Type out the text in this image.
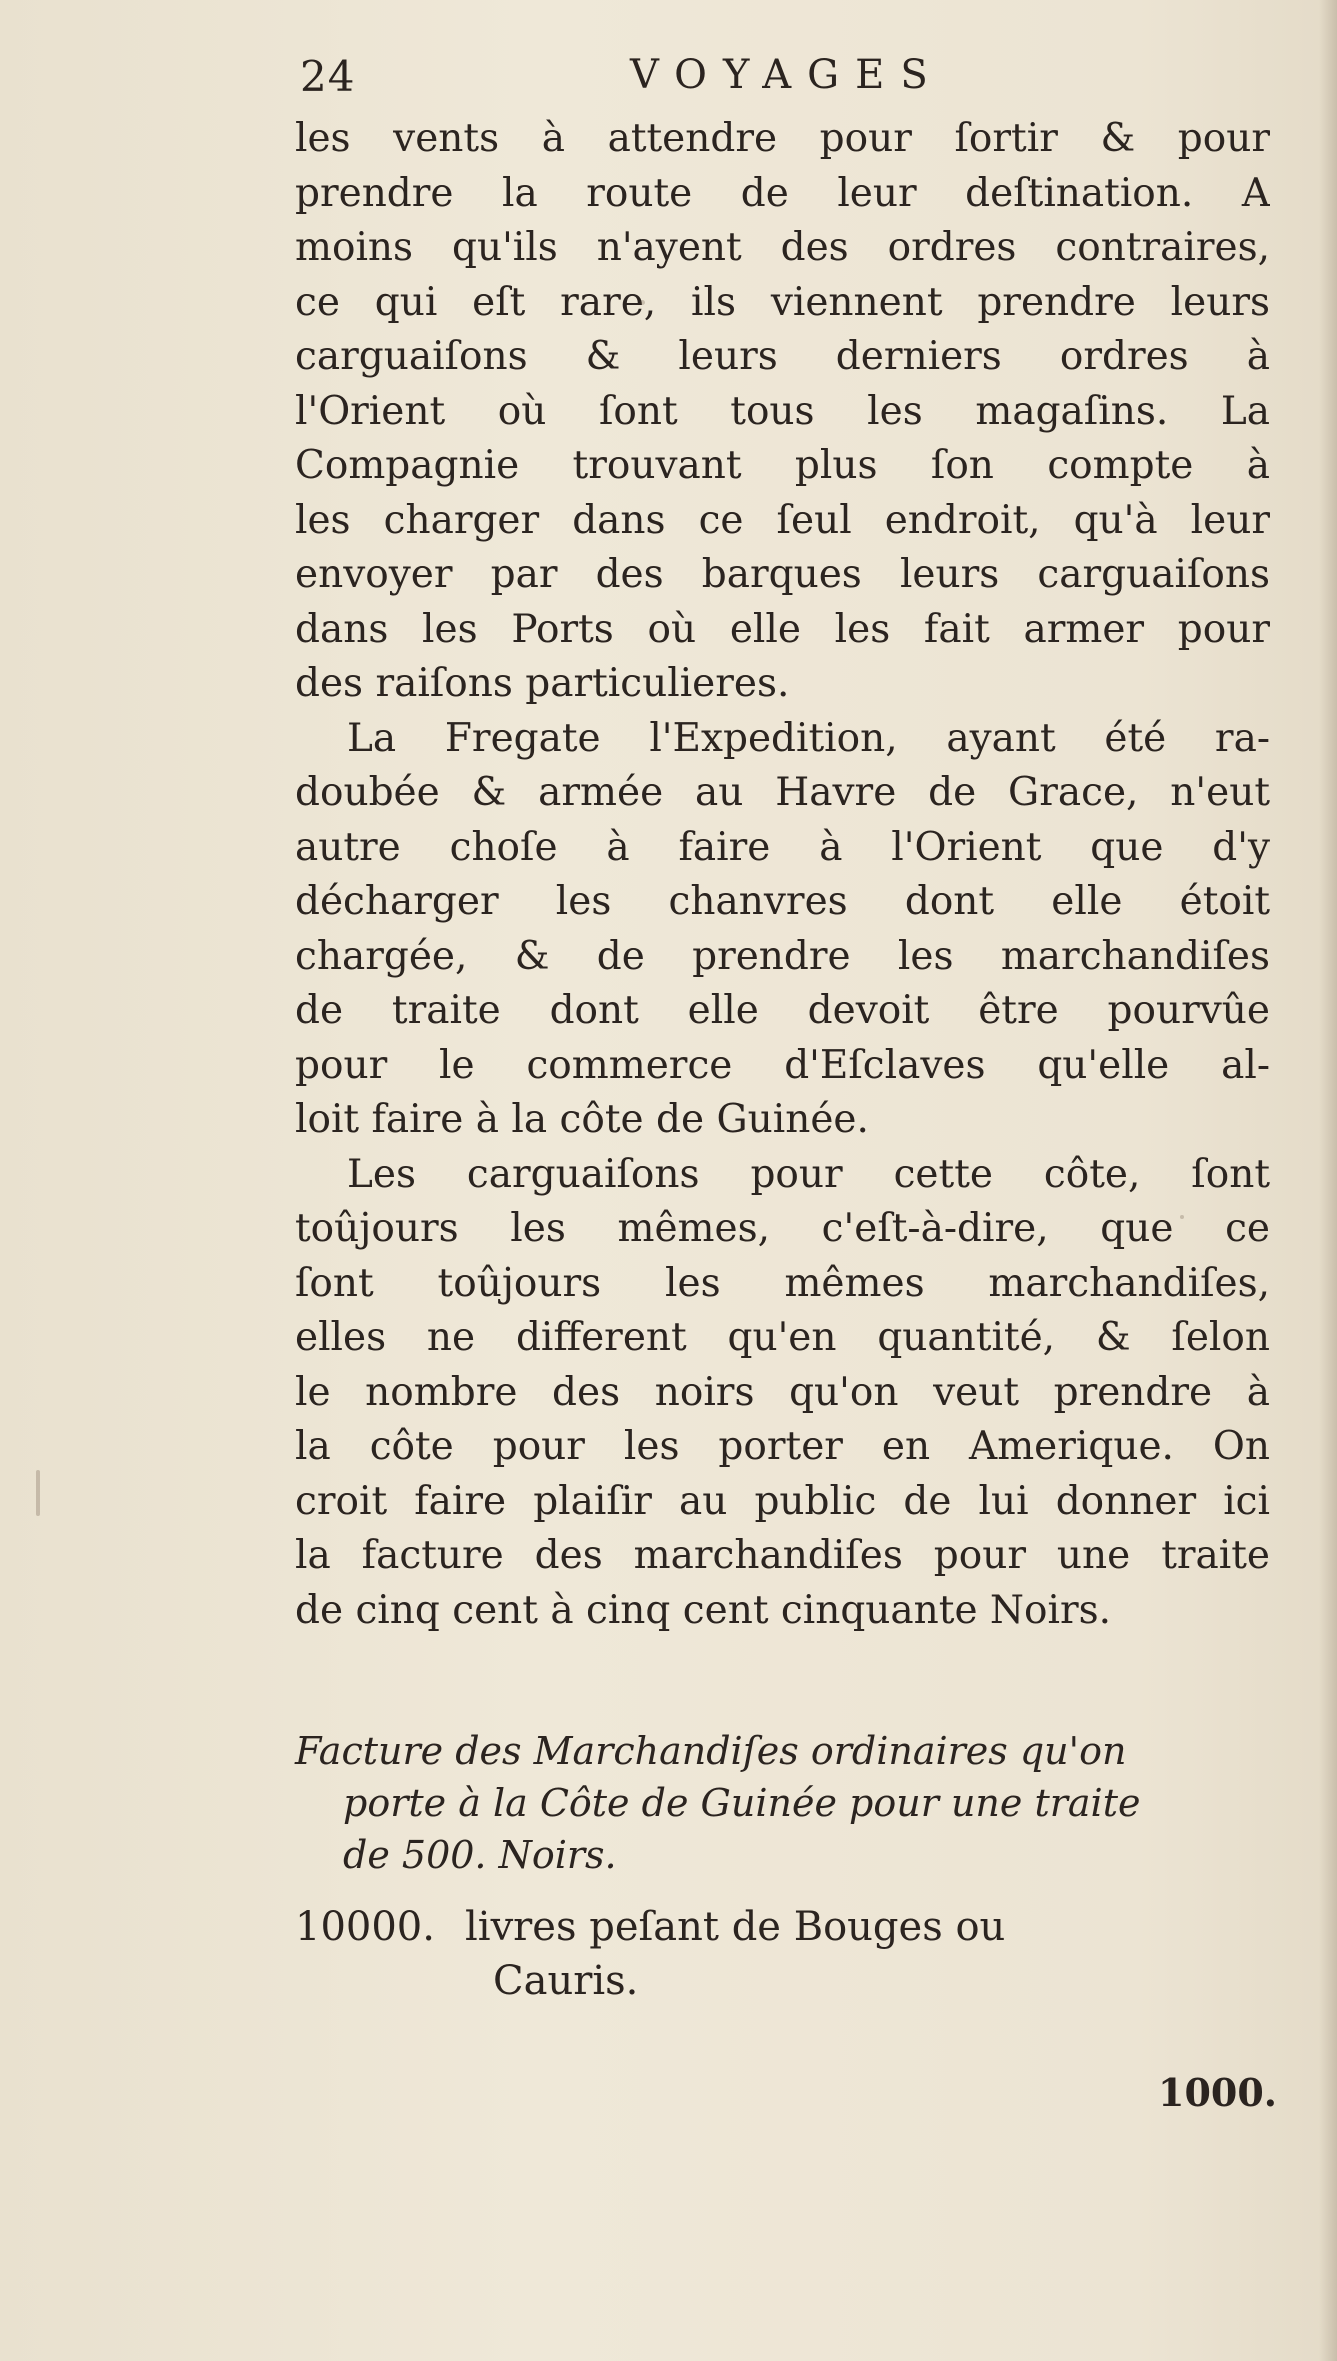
24	VOYAGES
les vents à attendre pour ſortir & pour
prendre la route de leur deſtination. A
moins qu'ils n'ayent des ordres contraires,
ce qui eſt rare, ils viennent prendre leurs
carguaiſons & leurs derniers ordres à
l'Orient où ſont tous les magaſins. La
Compagnie trouvant plus ſon compte à
les charger dans ce ſeul endroit, qu'à leur
envoyer par des barques leurs carguaiſons
dans les Ports où elle les fait armer pour
des raiſons particulieres.
La Fregate l'Expedition, ayant été ra-
doubée & armée au Havre de Grace, n'eut
autre choſe à faire à l'Orient que d'y
décharger les chanvres dont elle étoit
chargée, & de prendre les marchandiſes
de traite dont elle devoit être pourvûe
pour le commerce d'Eſclaves qu'elle al-
loit faire à la côte de Guinée.
Les carguaiſons pour cette côte, ſont
toûjours les mêmes, c'eſt-à-dire, que ce
ſont toûjours les mêmes marchandiſes,
elles ne different qu'en quantité, & ſelon
le nombre des noirs qu'on veut prendre à
la côte pour les porter en Amerique. On
croit faire plaiſir au public de lui donner ici
la facture des marchandiſes pour une traite
de cinq cent à cinq cent cinquante Noirs.
Facture des Marchandiſes ordinaires qu'on
porte à la Côte de Guinée pour une traite
de 500. Noirs.
10000. livres peſant de Bouges ou
Cauris.
1000.
